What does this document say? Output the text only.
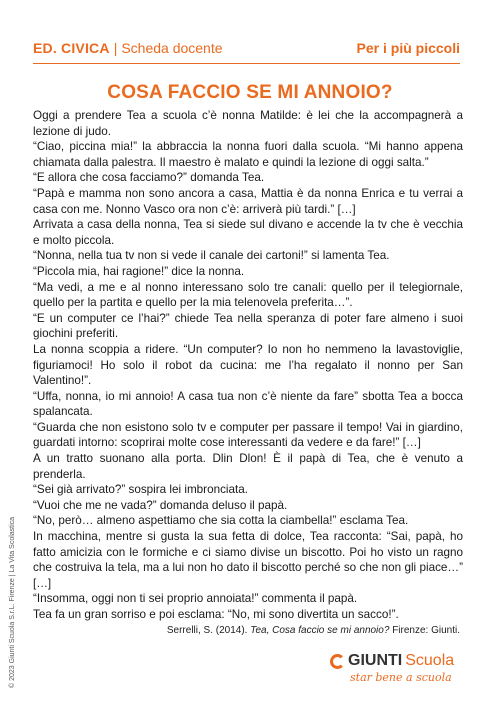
ED. CIVICA | Scheda docente	Per i più piccoli
COSA FACCIO SE MI ANNOIO?

Oggi a prendere Tea a scuola c’è nonna Matilde: è lei che la accompagnerà a lezione di judo.

“Ciao, piccina mia!” la abbraccia la nonna fuori dalla scuola. “Mi hanno appena chiamata dalla palestra. Il maestro è malato e quindi la lezione di oggi salta.”

“E allora che cosa facciamo?” domanda Tea.

“Papà e mamma non sono ancora a casa, Mattia è da nonna Enrica e tu verrai a casa con me. Nonno Vasco ora non c’è: arriverà più tardi.” […]

Arrivata a casa della nonna, Tea si siede sul divano e accende la tv che è vecchia e molto piccola.

“Nonna, nella tua tv non si vede il canale dei cartoni!” si lamenta Tea.

“Piccola mia, hai ragione!” dice la nonna.

“Ma vedi, a me e al nonno interessano solo tre canali: quello per il telegiornale, quello per la partita e quello per la mia telenovela preferita…”.

“E un computer ce l’hai?” chiede Tea nella speranza di poter fare almeno i suoi giochini preferiti.

La nonna scoppia a ridere. “Un computer? Io non ho nemmeno la lavastoviglie, figuriamoci! Ho solo il robot da cucina: me l’ha regalato il nonno per San Valentino!”.

“Uffa, nonna, io mi annoio! A casa tua non c’è niente da fare” sbotta Tea a bocca spalancata.

“Guarda che non esistono solo tv e computer per passare il tempo! Vai in giardino, guardati intorno: scoprirai molte cose interessanti da vedere e da fare!” […]

A un tratto suonano alla porta. Dlin Dlon! È il papà di Tea, che è venuto a prenderla.

“Sei già arrivato?” sospira lei imbronciata.

“Vuoi che me ne vada?” domanda deluso il papà.

“No, però… almeno aspettiamo che sia cotta la ciambella!” esclama Tea.

In macchina, mentre si gusta la sua fetta di dolce, Tea racconta: “Sai, papà, ho fatto amicizia con le formiche e ci siamo divise un biscotto. Poi ho visto un ragno che costruiva la tela, ma a lui non ho dato il biscotto perché so che non gli piace…” […]

“Insomma, oggi non ti sei proprio annoiata!” commenta il papà.

Tea fa un gran sorriso e poi esclama: “No, mi sono divertita un sacco!”.

Serrelli, S. (2014). Tea, Cosa faccio se mi annoio? Firenze: Giunti.
© 2023 Giunti Scuola S.r.L. Firenze | La Vita Scolastica	GIUNTI Scuola
star bene a scuola
